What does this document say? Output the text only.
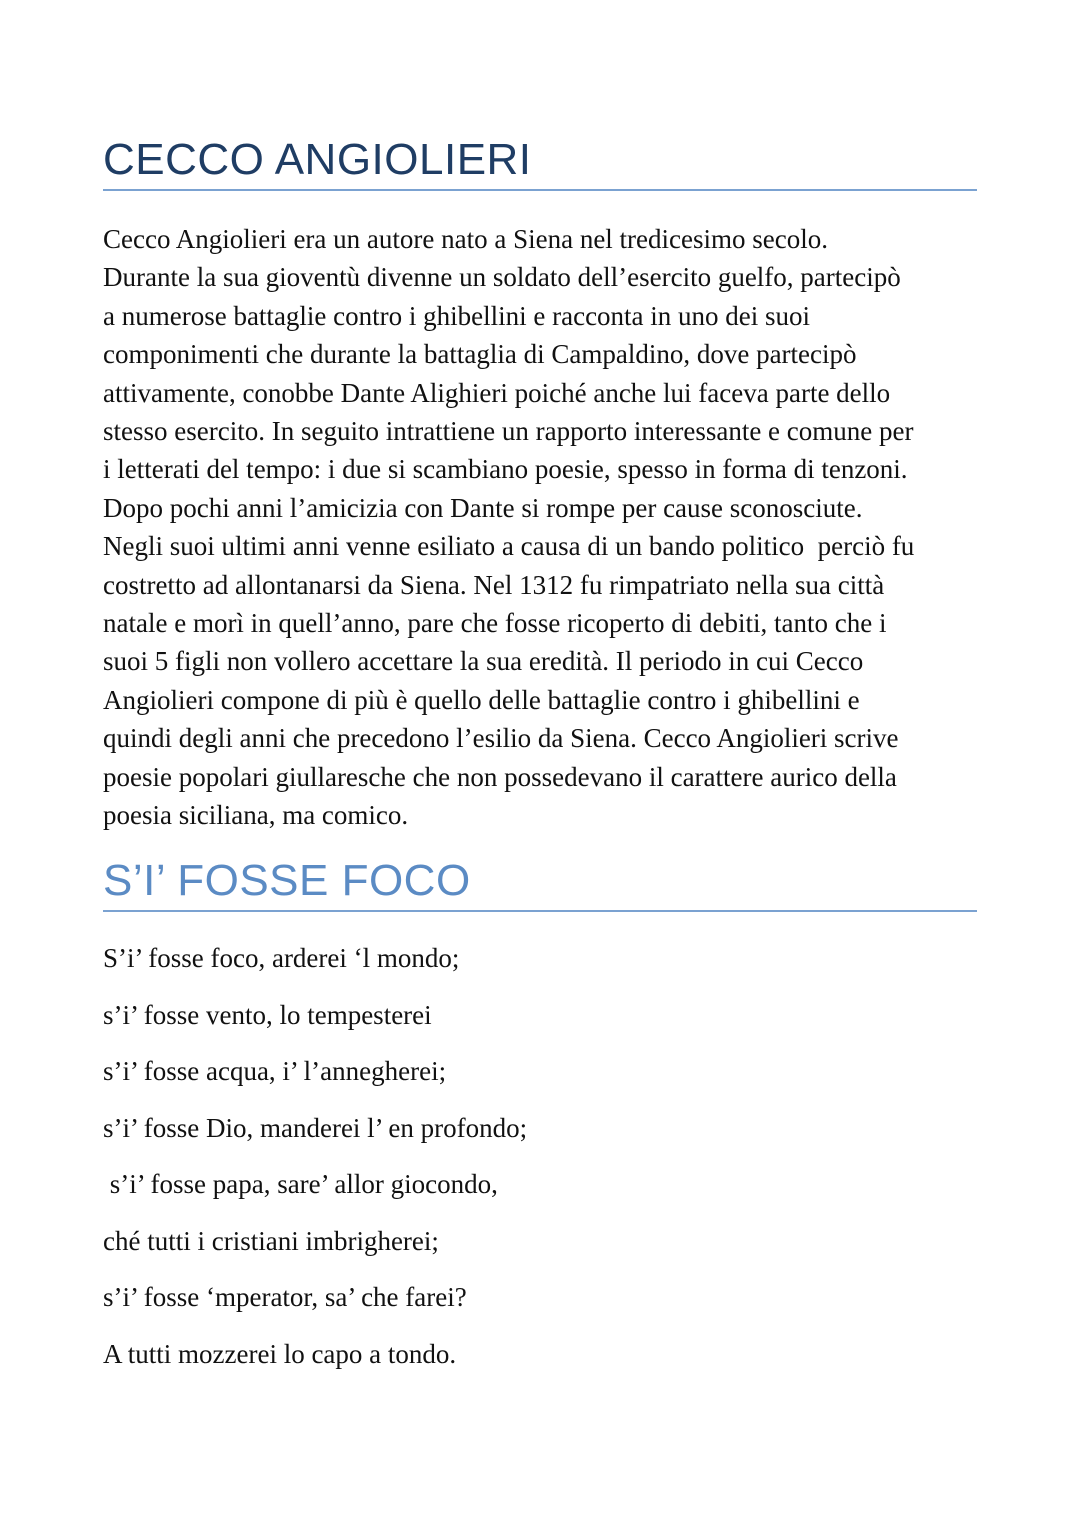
CECCO ANGIOLIERI

Cecco Angiolieri era un autore nato a Siena nel tredicesimo secolo.
Durante la sua gioventù divenne un soldato dell’esercito guelfo, partecipò
a numerose battaglie contro i ghibellini e racconta in uno dei suoi
componimenti che durante la battaglia di Campaldino, dove partecipò
attivamente, conobbe Dante Alighieri poiché anche lui faceva parte dello
stesso esercito. In seguito intrattiene un rapporto interessante e comune per
i letterati del tempo: i due si scambiano poesie, spesso in forma di tenzoni.
Dopo pochi anni l’amicizia con Dante si rompe per cause sconosciute.
Negli suoi ultimi anni venne esiliato a causa di un bando politico  perciò fu
costretto ad allontanarsi da Siena. Nel 1312 fu rimpatriato nella sua città
natale e morì in quell’anno, pare che fosse ricoperto di debiti, tanto che i
suoi 5 figli non vollero accettare la sua eredità. Il periodo in cui Cecco
Angiolieri compone di più è quello delle battaglie contro i ghibellini e
quindi degli anni che precedono l’esilio da Siena. Cecco Angiolieri scrive
poesie popolari giullaresche che non possedevano il carattere aurico della
poesia siciliana, ma comico.

S’I’ FOSSE FOCO
S’i’ fosse foco, arderei ‘l mondo;
s’i’ fosse vento, lo tempesterei
s’i’ fosse acqua, i’ l’annegherei;
s’i’ fosse Dio, manderei l’ en profondo;
s’i’ fosse papa, sare’ allor giocondo,
ché tutti i cristiani imbrigherei;
s’i’ fosse ‘mperator, sa’ che farei?
A tutti mozzerei lo capo a tondo.
